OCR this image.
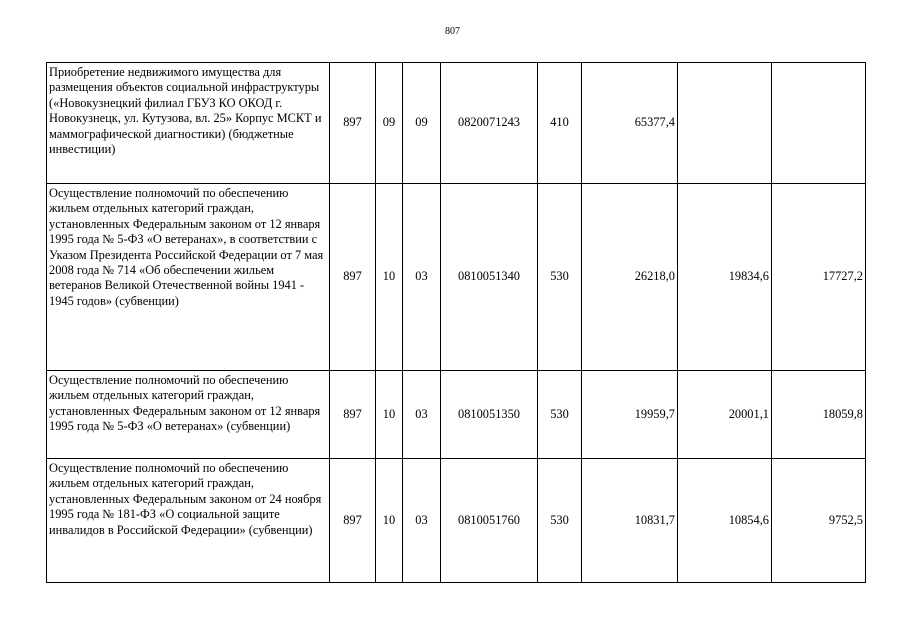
807
Приобретение недвижимого имущества для размещения объектов социальной инфраструктуры («Новокузнецкий филиал ГБУЗ КО ОКОД г. Новокузнецк, ул. Кутузова, вл. 25» Корпус МСКТ и маммографической диагностики) (бюджетные инвестиции)	897	09	09	0820071243	410	65377,4		
Осуществление полномочий по обеспечению жильем отдельных категорий граждан, установленных Федеральным законом от 12 января 1995 года № 5-ФЗ «О ветеранах», в соответствии с Указом Президента Российской Федерации от 7 мая 2008 года № 714 «Об обеспечении жильем ветеранов Великой Отечественной войны 1941 - 1945 годов» (субвенции)	897	10	03	0810051340	530	26218,0	19834,6	17727,2
Осуществление полномочий по обеспечению жильем отдельных категорий граждан, установленных Федеральным законом от 12 января 1995 года № 5-ФЗ «О ветеранах» (субвенции)	897	10	03	0810051350	530	19959,7	20001,1	18059,8
Осуществление полномочий по обеспечению жильем отдельных категорий граждан, установленных Федеральным законом от 24 ноября 1995 года № 181-ФЗ «О социальной защите инвалидов в Российской Федерации» (субвенции)	897	10	03	0810051760	530	10831,7	10854,6	9752,5
